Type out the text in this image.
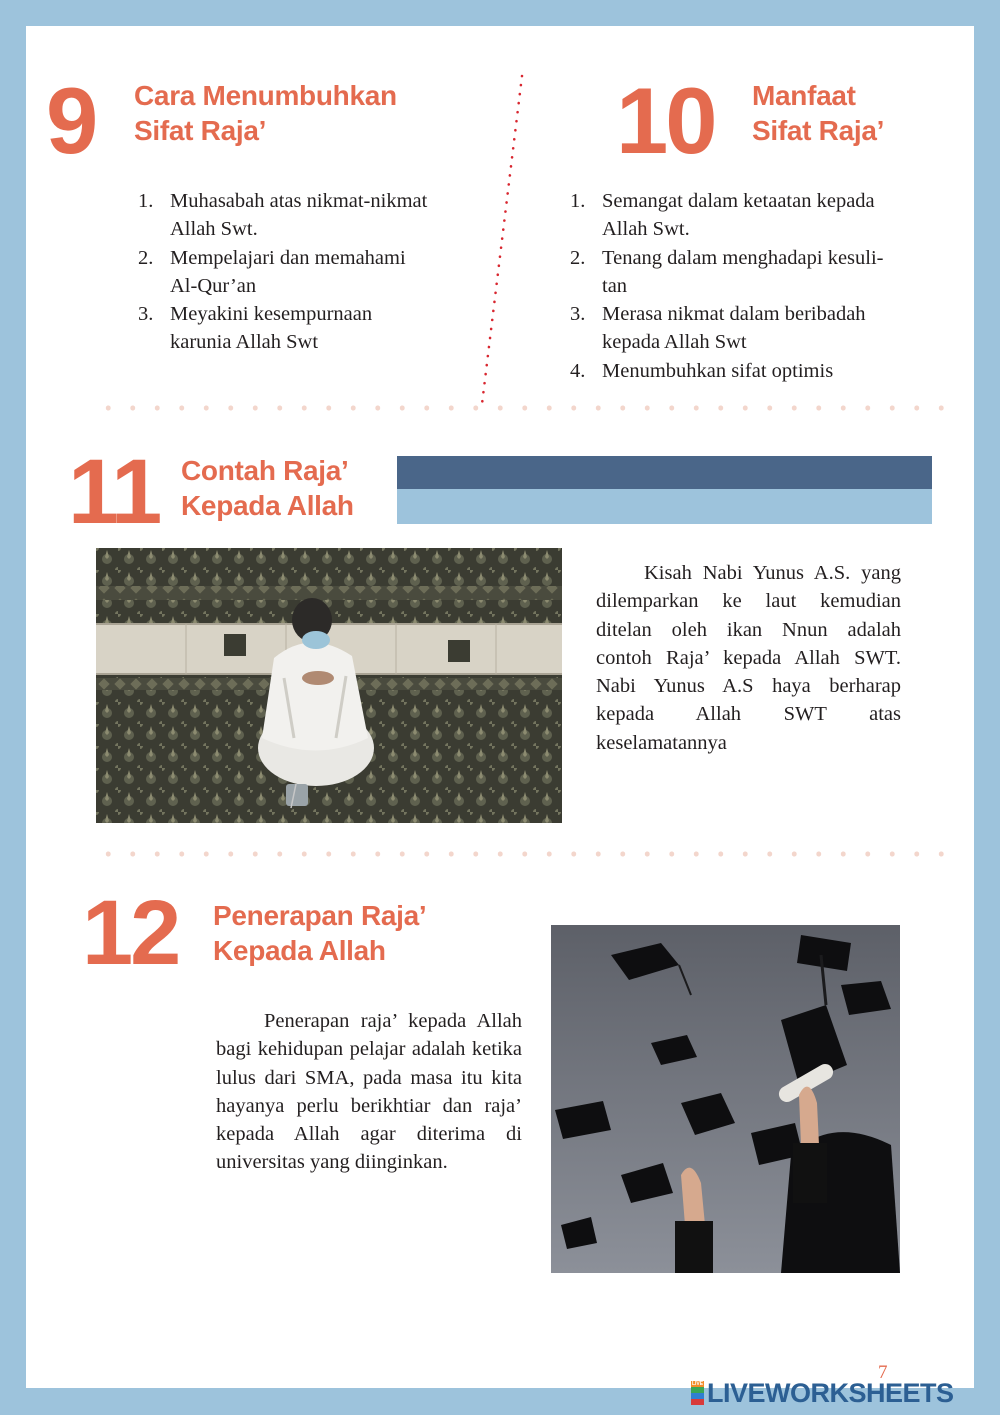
9 Cara Menumbuhkan
Sifat Raja’
1. Muhasabah atas nikmat-nikmat
Allah Swt.
2. Mempelajari dan memahami
Al-Qur’an
3. Meyakini kesempurnaan
karunia Allah Swt
10 Manfaat
Sifat Raja’
1. Semangat dalam ketaatan kepada
Allah Swt.
2. Tenang dalam menghadapi kesuli-
tan
3. Merasa nikmat dalam beribadah
kepada Allah Swt
4. Menumbuhkan sifat optimis
11 Contah Raja’
Kepada Allah

Kisah Nabi Yunus A.S. yang dilemparkan ke laut kemudian ditelan oleh ikan Nnun adalah contoh Raja’ kepada Allah SWT. Nabi Yunus A.S haya berharap kepada Allah SWT atas keselamatannya

12 Penerapan Raja’
Kepada Allah

Penerapan raja’ kepada Allah bagi kehidupan pelajar adalah ketika lulus dari SMA, pada masa itu kita hayanya perlu berikhtiar dan raja’ kepada Allah agar diterima di universitas yang diinginkan.

7
LIVE LIVEWORKSHEETS
